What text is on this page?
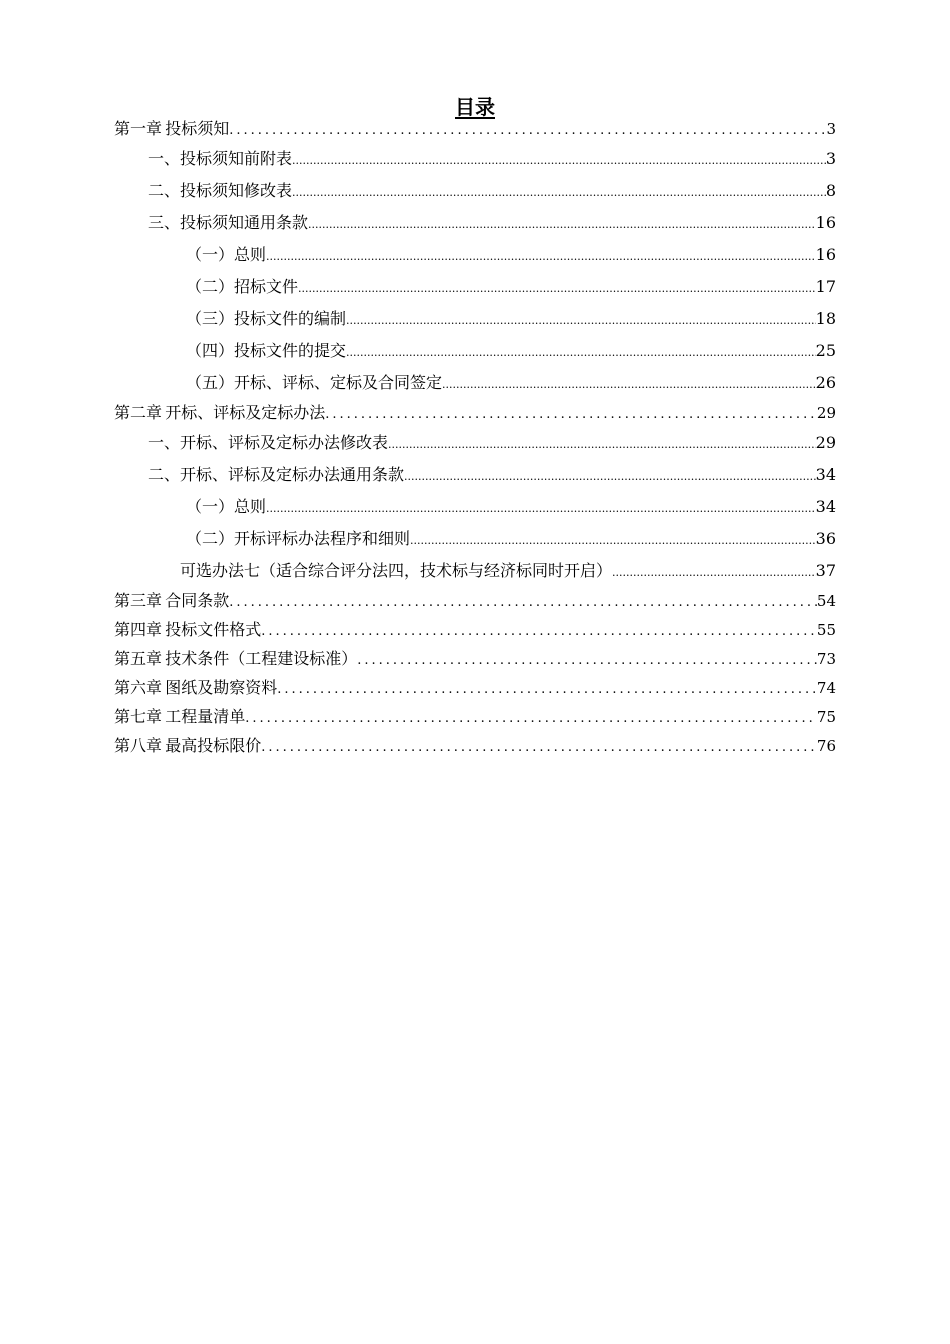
目录
第一章 投标须知 .....	3
一、投标须知前附表 .....	3
二、投标须知修改表 .....	8
三、投标须知通用条款 .....	16
（一）总则 .....	16
（二）招标文件 .....	17
（三）投标文件的编制 .....	18
（四）投标文件的提交 .....	25
（五）开标、评标、定标及合同签定 .....	26
第二章 开标、评标及定标办法 .....	29
一、开标、评标及定标办法修改表 .....	29
二、开标、评标及定标办法通用条款 .....	34
（一）总则 .....	34
（二）开标评标办法程序和细则 .....	36
可选办法七（适合综合评分法四，技术标与经济标同时开启） .....	37
第三章 合同条款 .....	54
第四章 投标文件格式 .....	55
第五章 技术条件（工程建设标准） .....	73
第六章 图纸及勘察资料 .....	74
第七章 工程量清单 .....	75
第八章 最高投标限价 .....	76
